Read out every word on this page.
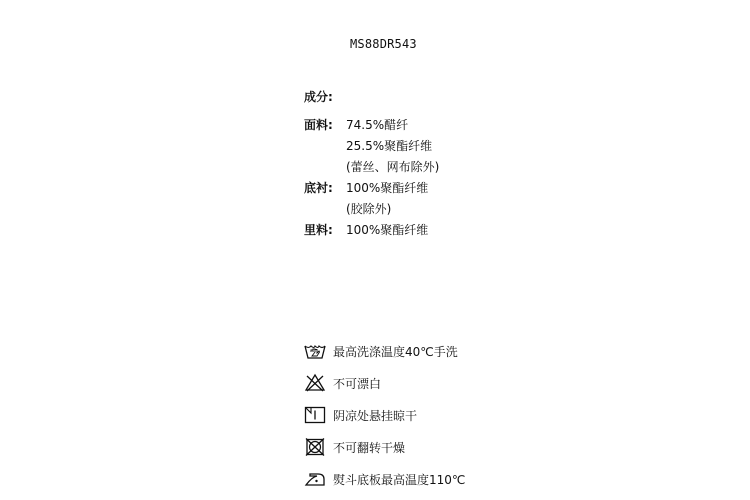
MS88DR543
成分:
面料:	74.5%醋纤
25.5%聚酯纤维
(蕾丝、网布除外)
底衬:	100%聚酯纤维
(胶除外)
里料:	100%聚酯纤维
最高洗涤温度40℃手洗
不可漂白
阴凉处悬挂晾干
不可翻转干燥
熨斗底板最高温度110℃
